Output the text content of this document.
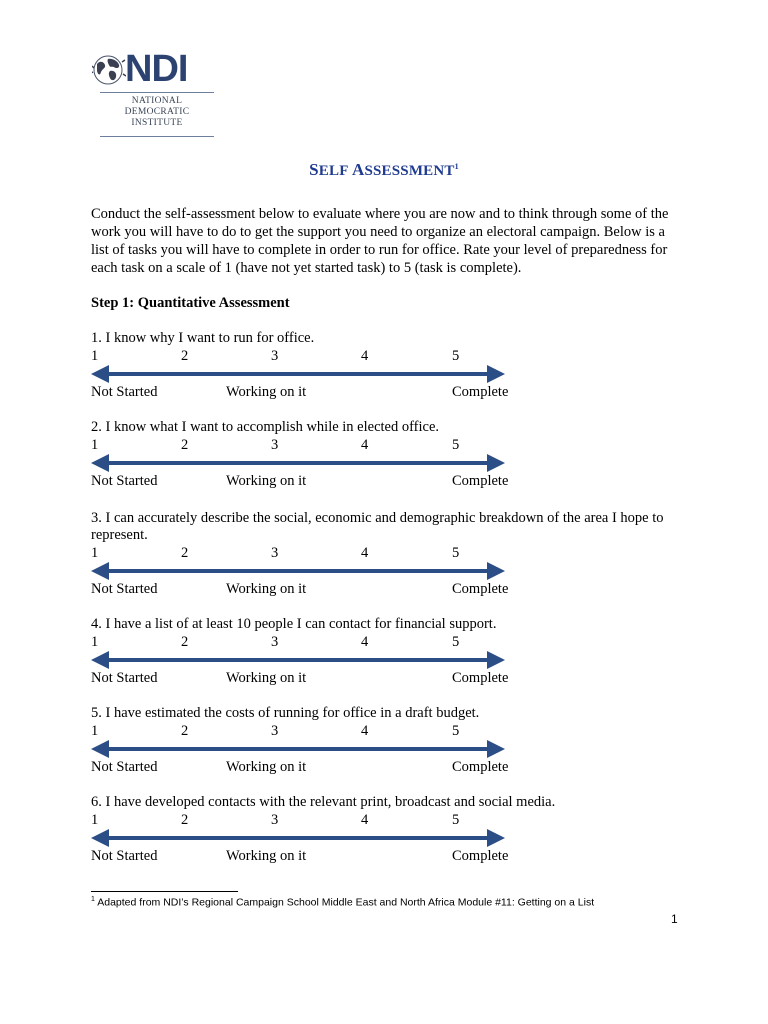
NDI
NATIONAL
DEMOCRATIC
INSTITUTE
SELF ASSESSMENT$^1$
Conduct the self-assessment below to evaluate where you are now and to think through some of the work you will have to do to get the support you need to organize an electoral campaign. Below is a list of tasks you will have to complete in order to run for office. Rate your level of preparedness for each task on a scale of 1 (have not yet started task) to 5 (task is complete).
Step 1: Quantitative Assessment
1. I know why I want to run for office.
1	2	3	4	5
Not Started	Working on it	Complete
2. I know what I want to accomplish while in elected office.
1	2	3	4	5
Not Started	Working on it	Complete
3. I can accurately describe the social, economic and demographic breakdown of the area I hope to represent.
1	2	3	4	5
Not Started	Working on it	Complete
4. I have a list of at least 10 people I can contact for financial support.
1	2	3	4	5
Not Started	Working on it	Complete
5. I have estimated the costs of running for office in a draft budget.
1	2	3	4	5
Not Started	Working on it	Complete
6. I have developed contacts with the relevant print, broadcast and social media.
1	2	3	4	5
Not Started	Working on it	Complete
$^1$ Adapted from NDI’s Regional Campaign School Middle East and North Africa Module #11: Getting on a List
1
